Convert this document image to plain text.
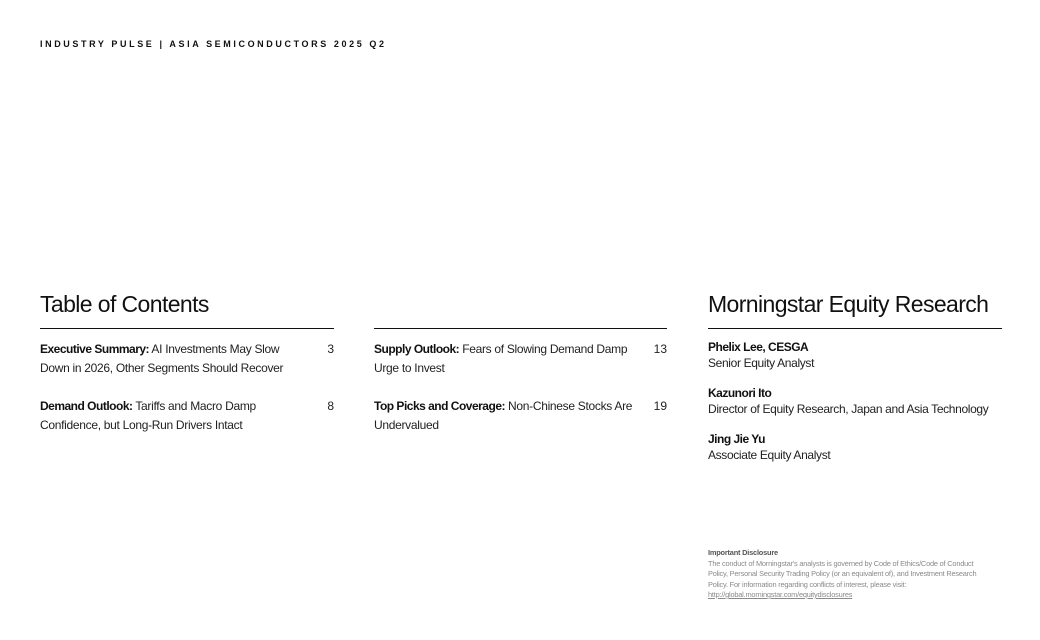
INDUSTRY PULSE | ASIA SEMICONDUCTORS 2025 Q2
Table of Contents
Executive Summary: AI Investments May Slow Down in 2026, Other Segments Should Recover
3
Demand Outlook: Tariffs and Macro Damp Confidence, but Long-Run Drivers Intact
8
Supply Outlook: Fears of Slowing Demand Damp Urge to Invest
13
Top Picks and Coverage: Non-Chinese Stocks Are Undervalued
19
Morningstar Equity Research
Phelix Lee, CESGA
Senior Equity Analyst
Kazunori Ito
Director of Equity Research, Japan and Asia Technology
Jing Jie Yu
Associate Equity Analyst
Important Disclosure
The conduct of Morningstar's analysts is governed by Code of Ethics/Code of Conduct Policy, Personal Security Trading Policy (or an equivalent of), and Investment Research Policy. For information regarding conflicts of interest, please visit: http://global.morningstar.com/equitydisclosures
